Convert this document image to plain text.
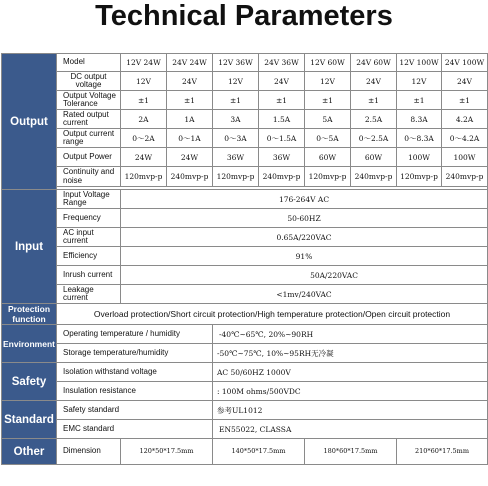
Technical Parameters
Output	Model	12V 24W	24V 24W	12V 36W	24V 36W	12V 60W	24V 60W	12V 100W	24V 100W
	DC output voltage	12V	24V	12V	24V	12V	24V	12V	24V
	Output Voltage Tolerance	±1	±1	±1	±1	±1	±1	±1	±1
	Rated output current	2A	1A	3A	1.5A	5A	2.5A	8.3A	4.2A
	Output current range	0～2A	0～1A	0～3A	0～1.5A	0～5A	0～2.5A	0～8.3A	0～4.2A
	Output Power	24W	24W	36W	36W	60W	60W	100W	100W
	Continuity and noise	120mvp-p	240mvp-p	120mvp-p	240mvp-p	120mvp-p	240mvp-p	120mvp-p	240mvp-p

Input	Input Voltage Range	176-264V AC							
	Frequency	50-60HZ							
	AC input current	0.65A/220VAC							
	Efficiency	91%							
	Inrush current	50A/220VAC							
	Leakage current	<1mv/240VAC							
Protection function	Overload protection/Short circuit protection/High temperature protection/Open circuit protection								
Environment	Operating temperature / humidity			-40℃~65℃, 20%~90RH					
	Storage temperature/humidity			-50℃~75℃, 10%~95RH无冷凝					
Safety	Isolation withstand voltage			AC 50/60HZ 1000V					
	Insulation resistance			: 100M ohms/500VDC					
Standard	Safety standard			参考UL1012					
	EMC standard			EN55022, CLASSA					
Other	Dimension	120*50*17.5mm		140*50*17.5mm		180*60*17.5mm		210*60*17.5mm	
